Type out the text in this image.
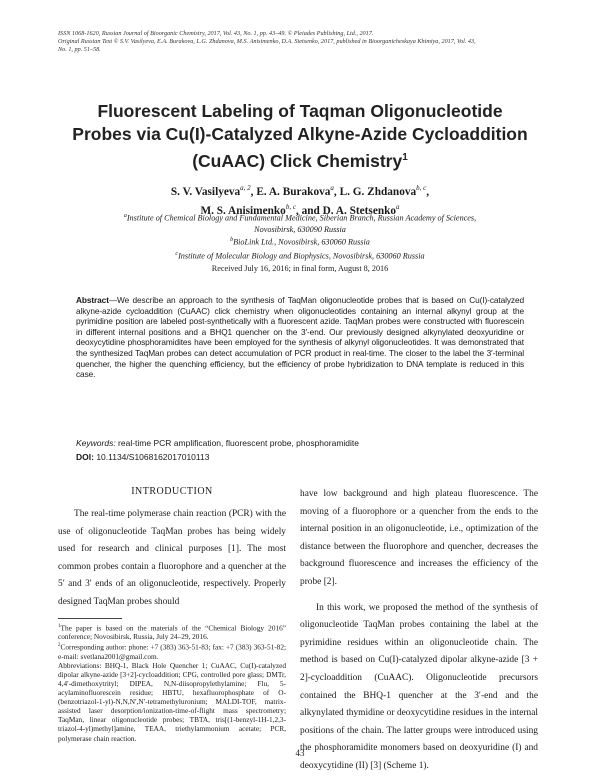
ISSN 1068-1620, Russian Journal of Bioorganic Chemistry, 2017, Vol. 43, No. 1, pp. 43–49. © Pleiades Publishing, Ltd., 2017.
Original Russian Text © S.V. Vasilyeva, E.A. Burakova, L.G. Zhdanova, M.S. Anisimenko, D.A. Stetsenko, 2017, published in Bioorganicheskaya Khimiya, 2017, Vol. 43,
No. 1, pp. 51–58.
Fluorescent Labeling of Taqman Oligonucleotide
Probes via Cu(I)-Catalyzed Alkyne-Azide Cycloaddition
(CuAAC) Click Chemistry$^1$
S. V. Vasilyeva$^{a, 2}$, E. A. Burakova$^a$, L. G. Zhdanova$^{b, c}$,
M. S. Anisimenko$^{b, c}$, and D. A. Stetsenko$^a$
$^a$Institute of Chemical Biology and Fundamental Medicine, Siberian Branch, Russian Academy of Sciences,
Novosibirsk, 630090 Russia
$^b$BioLink Ltd., Novosibirsk, 630060 Russia
$^c$Institute of Molecular Biology and Biophysics, Novosibirsk, 630060 Russia
Received July 16, 2016; in final form, August 8, 2016
Abstract—We describe an approach to the synthesis of TaqMan oligonucleotide probes that is based on Cu(I)-catalyzed alkyne-azide cycloaddition (CuAAC) click chemistry when oligonucleotides containing an internal alkynyl group at the pyrimidine position are labeled post-synthetically with a fluorescent azide. TaqMan probes were constructed with fluorescein in different internal positions and a BHQ1 quencher on the 3′-end. Our previously designed alkynylated deoxyuridine or deoxycytidine phosphoramidites have been employed for the synthesis of alkynyl oligonucleotides. It was demonstrated that the synthesized TaqMan probes can detect accumulation of PCR product in real-time. The closer to the label the 3′-terminal quencher, the higher the quenching efficiency, but the efficiency of probe hybridization to DNA template is reduced in this case.
Keywords: real-time PCR amplification, fluorescent probe, phosphoramidite
DOI: 10.1134/S1068162017010113
INTRODUCTION

The real-time polymerase chain reaction (PCR) with the use of oligonucleotide TaqMan probes has being widely used for research and clinical purposes [1]. The most common probes contain a fluorophore and a quencher at the 5′ and 3′ ends of an oligonucleotide, respectively. Properly designed TaqMan probes should

$^1$The paper is based on the materials of the “Chemical Biology 2016” conference; Novosibirsk, Russia, July 24–29, 2016.

$^2$Corresponding author: phone: +7 (383) 363-51-83; fax: +7 (383) 363-51-82; e-mail: svetlana2001@gmail.com.

Abbreviations: BHQ-1, Black Hole Quencher 1; CuAAC, Cu(I)-catalyzed dipolar alkyne-azide [3+2]-cycloaddition; CPG, controlled pore glass; DMTr, 4,4′-dimethoxytrityl; DIPEA, N,N-diisopropylethylamine; Flu, 5-acylaminofluorescein residue; HBTU, hexafluorophosphate of O-(benzotriazol-1-yl)-N,N,N′,N′-tetramethyluronium; MALDI-TOF, matrix-assisted laser desorption/ionization-time-of-flight mass spectrometry; TaqMan, linear oligonucleotide probes; TBTA, tris[(1-benzyl-1H-1,2,3-triazol-4-yl)methyl]amine, TEAA, triethylammonium acetate; PCR, polymerase chain reaction.

have low background and high plateau fluorescence. The moving of a fluorophore or a quencher from the ends to the internal position in an oligonucleotide, i.e., optimization of the distance between the fluorophore and quencher, decreases the background fluorescence and increases the efficiency of the probe [2].

In this work, we proposed the method of the synthesis of oligonucleotide TaqMan probes containing the label at the pyrimidine residues within an oligonucleotide chain. The method is based on Cu(I)-catalyzed dipolar alkyne-azide [3 + 2]-cycloaddition (CuAAC). Oligonucleotide precursors contained the BHQ-1 quencher at the 3′-end and the alkynylated thymidine or deoxycytidine residues in the internal positions of the chain. The latter groups were introduced using the phosphoramidite monomers based on deoxyuridine (I) and deoxycytidine (II) [3] (Scheme 1).

43
